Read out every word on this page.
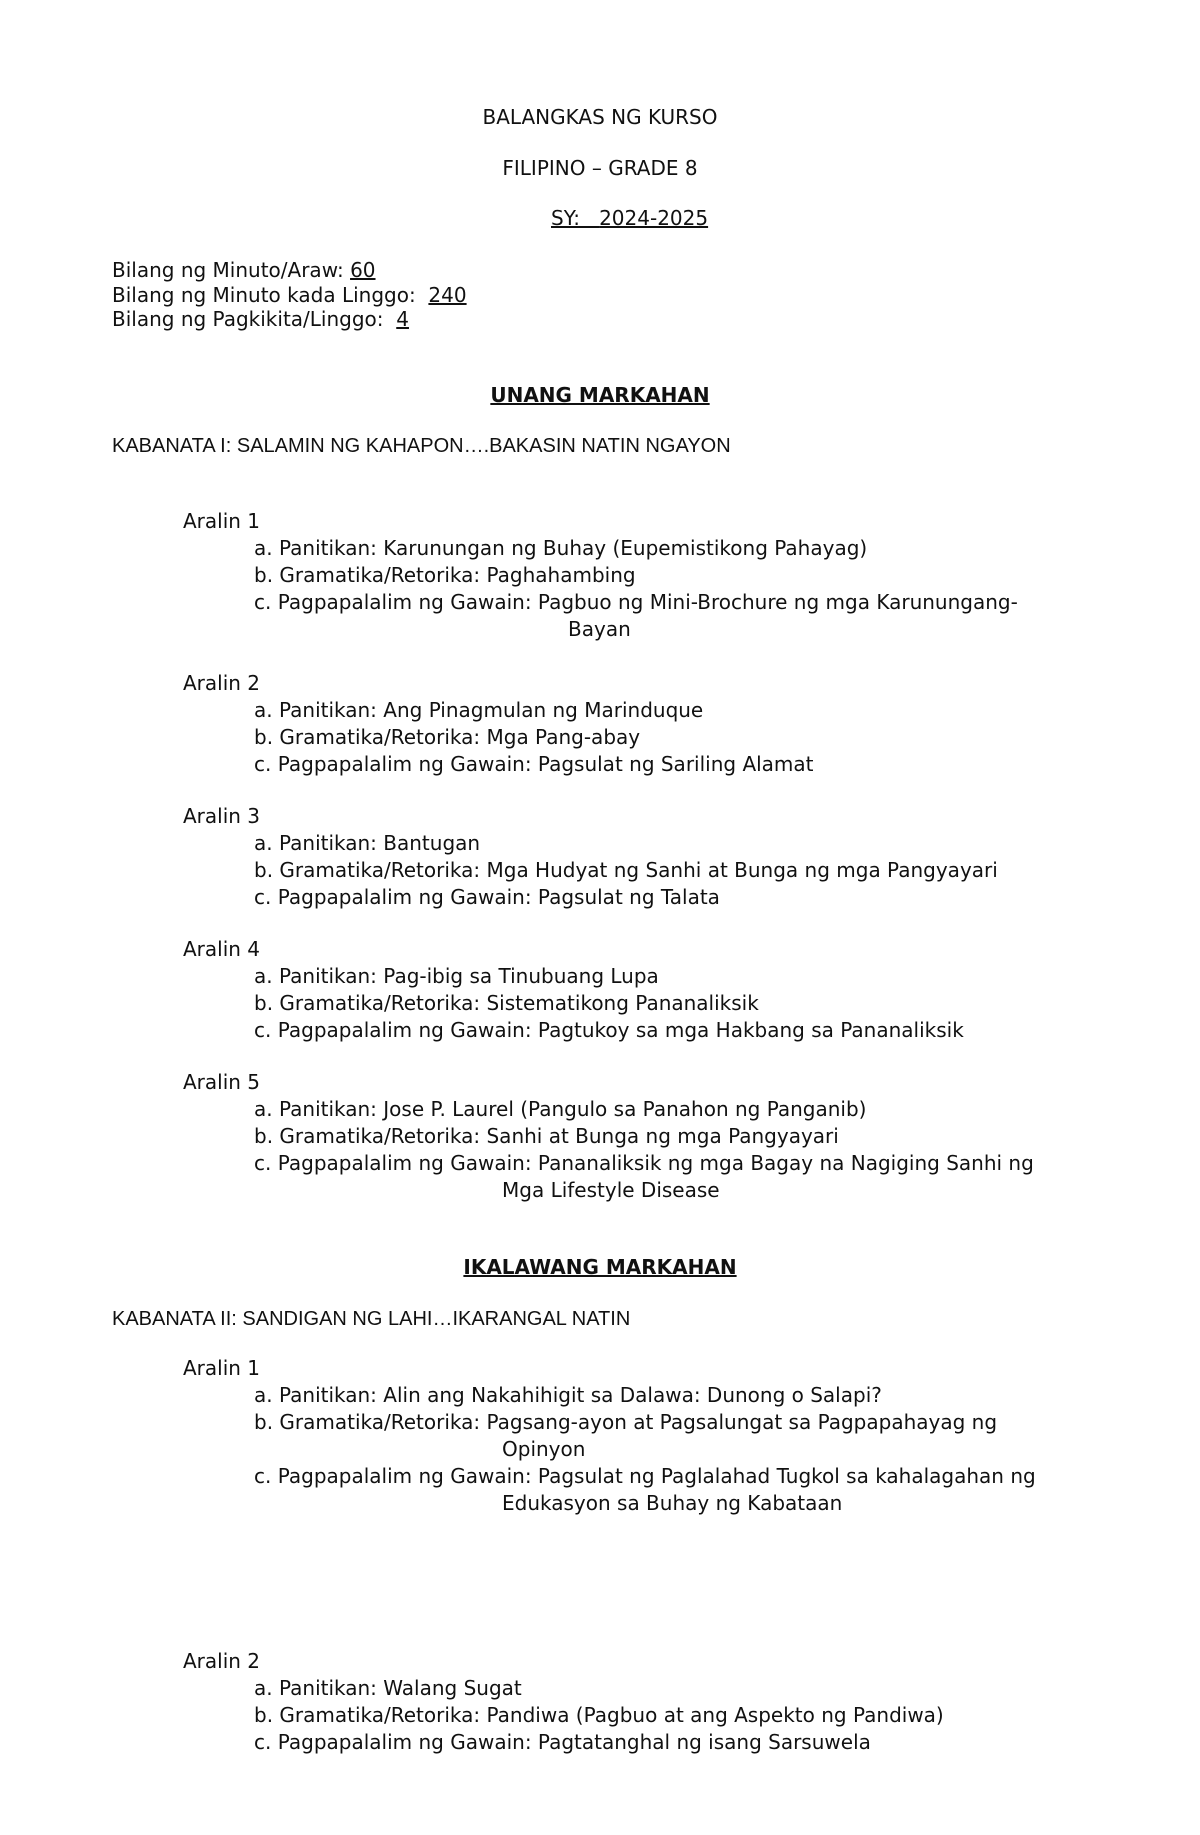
BALANGKAS NG KURSO
FILIPINO – GRADE 8
SY: 2024-2025
Bilang ng Minuto/Araw: 60
Bilang ng Minuto kada Linggo: 240
Bilang ng Pagkikita/Linggo: 4
UNANG MARKAHAN
KABANATA I: SALAMIN NG KAHAPON….BAKASIN NATIN NGAYON
Aralin 1
a. Panitikan: Karunungan ng Buhay (Eupemistikong Pahayag)
b. Gramatika/Retorika: Paghahambing
c. Pagpapalalim ng Gawain: Pagbuo ng Mini-Brochure ng mga Karunungang-
Bayan
Aralin 2
a. Panitikan: Ang Pinagmulan ng Marinduque
b. Gramatika/Retorika: Mga Pang-abay
c. Pagpapalalim ng Gawain: Pagsulat ng Sariling Alamat
Aralin 3
a. Panitikan: Bantugan
b. Gramatika/Retorika: Mga Hudyat ng Sanhi at Bunga ng mga Pangyayari
c. Pagpapalalim ng Gawain: Pagsulat ng Talata
Aralin 4
a. Panitikan: Pag-ibig sa Tinubuang Lupa
b. Gramatika/Retorika: Sistematikong Pananaliksik
c. Pagpapalalim ng Gawain: Pagtukoy sa mga Hakbang sa Pananaliksik
Aralin 5
a. Panitikan: Jose P. Laurel (Pangulo sa Panahon ng Panganib)
b. Gramatika/Retorika: Sanhi at Bunga ng mga Pangyayari
c. Pagpapalalim ng Gawain: Pananaliksik ng mga Bagay na Nagiging Sanhi ng
Mga Lifestyle Disease
IKALAWANG MARKAHAN
KABANATA II: SANDIGAN NG LAHI…IKARANGAL NATIN
Aralin 1
a. Panitikan: Alin ang Nakahihigit sa Dalawa: Dunong o Salapi?
b. Gramatika/Retorika: Pagsang-ayon at Pagsalungat sa Pagpapahayag ng
Opinyon
c. Pagpapalalim ng Gawain: Pagsulat ng Paglalahad Tugkol sa kahalagahan ng
Edukasyon sa Buhay ng Kabataan
Aralin 2
a. Panitikan: Walang Sugat
b. Gramatika/Retorika: Pandiwa (Pagbuo at ang Aspekto ng Pandiwa)
c. Pagpapalalim ng Gawain: Pagtatanghal ng isang Sarsuwela
